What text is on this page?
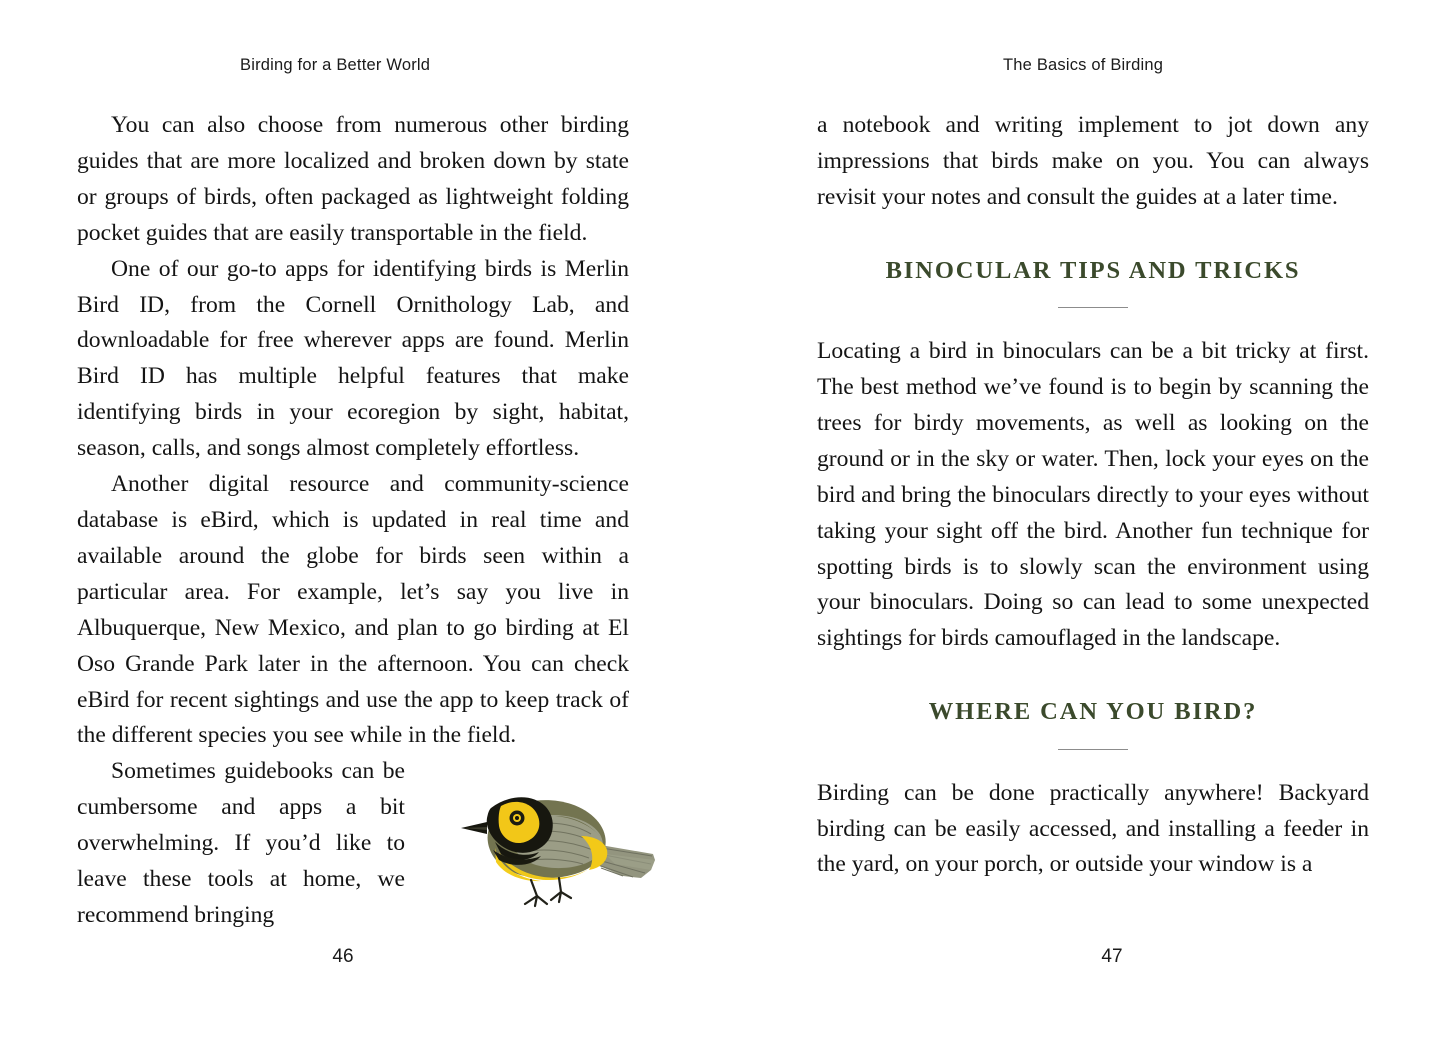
Birding for a Better World

You can also choose from numerous other birding guides that are more localized and broken down by state or groups of birds, often packaged as lightweight folding pocket guides that are easily transportable in the field.

One of our go-to apps for identifying birds is Merlin Bird ID, from the Cornell Ornithology Lab, and downloadable for free wherever apps are found. Merlin Bird ID has multiple helpful features that make identifying birds in your ecoregion by sight, habitat, season, calls, and songs almost completely effortless.

Another digital resource and community-science database is eBird, which is updated in real time and available around the globe for birds seen within a particular area. For example, let’s say you live in Albuquerque, New Mexico, and plan to go birding at El Oso Grande Park later in the afternoon. You can check eBird for recent sightings and use the app to keep track of the different species you see while in the field.

Sometimes guidebooks can be cumbersome and apps a bit overwhelming. If you’d like to leave these tools at home, we recommend bringing

46
The Basics of Birding

a notebook and writing implement to jot down any impressions that birds make on you. You can always revisit your notes and consult the guides at a later time.

BINOCULAR TIPS AND TRICKS

Locating a bird in binoculars can be a bit tricky at first. The best method we’ve found is to begin by scanning the trees for birdy movements, as well as looking on the ground or in the sky or water. Then, lock your eyes on the bird and bring the binoculars directly to your eyes without taking your sight off the bird. Another fun technique for spotting birds is to slowly scan the environment using your binoculars. Doing so can lead to some unexpected sightings for birds camouflaged in the landscape.

WHERE CAN YOU BIRD?

Birding can be done practically anywhere! Backyard birding can be easily accessed, and installing a feeder in the yard, on your porch, or outside your window is a

47
